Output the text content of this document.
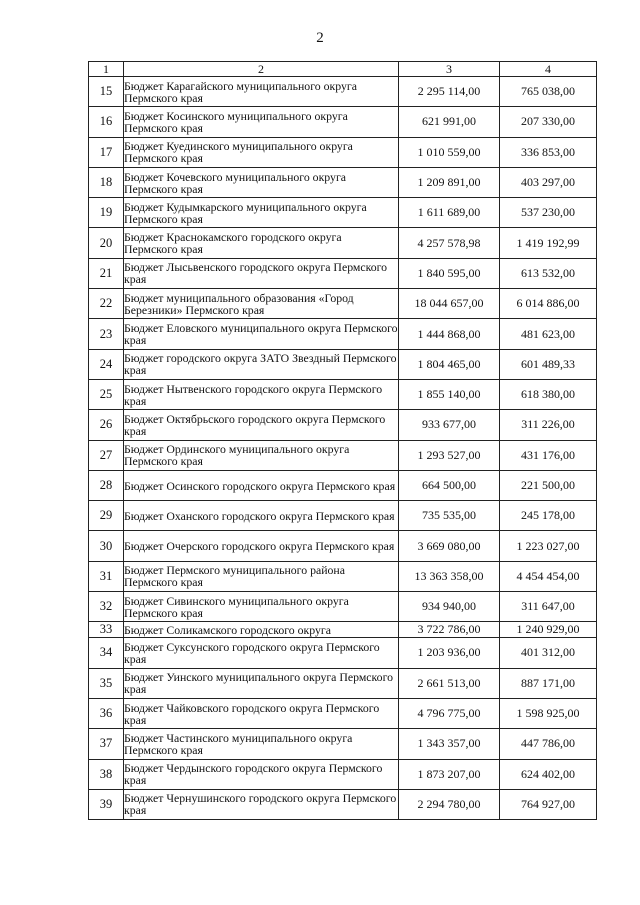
2
1	2	3	4
15	Бюджет Карагайского муниципального округа Пермского края	2 295 114,00	765 038,00
16	Бюджет Косинского муниципального округа Пермского края	621 991,00	207 330,00
17	Бюджет Куединского муниципального округа Пермского края	1 010 559,00	336 853,00
18	Бюджет Кочевского муниципального округа Пермского края	1 209 891,00	403 297,00
19	Бюджет Кудымкарского муниципального округа Пермского края	1 611 689,00	537 230,00
20	Бюджет Краснокамского городского округа Пермского края	4 257 578,98	1 419 192,99
21	Бюджет Лысьвенского городского округа Пермского края	1 840 595,00	613 532,00
22	Бюджет муниципального образования «Город Березники» Пермского края	18 044 657,00	6 014 886,00
23	Бюджет Еловского муниципального округа Пермского края	1 444 868,00	481 623,00
24	Бюджет городского округа ЗАТО Звездный Пермского края	1 804 465,00	601 489,33
25	Бюджет Нытвенского городского округа Пермского края	1 855 140,00	618 380,00
26	Бюджет Октябрьского городского округа Пермского края	933 677,00	311 226,00
27	Бюджет Ординского муниципального округа Пермского края	1 293 527,00	431 176,00
28	Бюджет Осинского городского округа Пермского края	664 500,00	221 500,00
29	Бюджет Оханского городского округа Пермского края	735 535,00	245 178,00
30	Бюджет Очерского городского округа Пермского края	3 669 080,00	1 223 027,00
31	Бюджет Пермского муниципального района Пермского края	13 363 358,00	4 454 454,00
32	Бюджет Сивинского муниципального округа Пермского края	934 940,00	311 647,00
33	Бюджет Соликамского городского округа	3 722 786,00	1 240 929,00
34	Бюджет Суксунского городского округа Пермского края	1 203 936,00	401 312,00
35	Бюджет Уинского муниципального округа Пермского края	2 661 513,00	887 171,00
36	Бюджет Чайковского городского округа Пермского края	4 796 775,00	1 598 925,00
37	Бюджет Частинского муниципального округа Пермского края	1 343 357,00	447 786,00
38	Бюджет Чердынского городского округа Пермского края	1 873 207,00	624 402,00
39	Бюджет Чернушинского городского округа Пермского края	2 294 780,00	764 927,00
